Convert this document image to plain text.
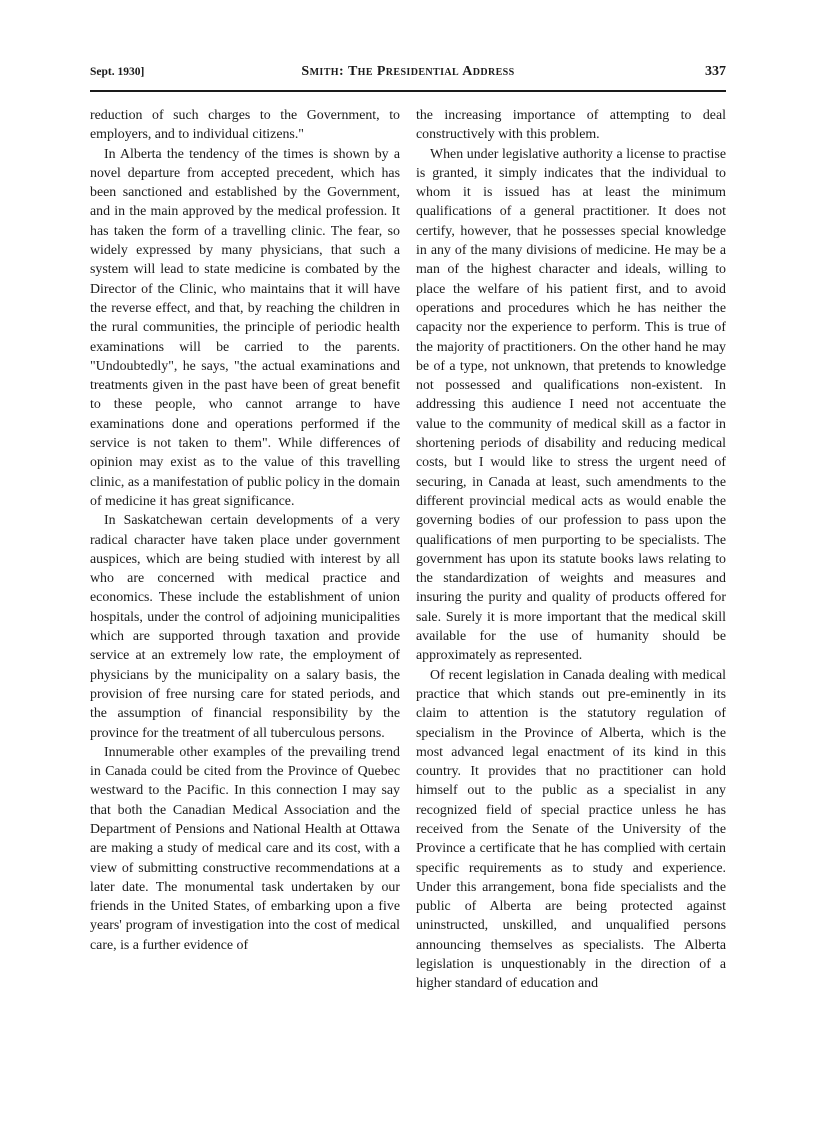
Sept. 1930]	Smith: The Presidential Address	337

reduction of such charges to the Government, to employers, and to individual citizens."

In Alberta the tendency of the times is shown by a novel departure from accepted precedent, which has been sanctioned and established by the Government, and in the main approved by the medical profession. It has taken the form of a travelling clinic. The fear, so widely expressed by many physicians, that such a system will lead to state medicine is combated by the Director of the Clinic, who maintains that it will have the reverse effect, and that, by reaching the children in the rural communities, the principle of periodic health examinations will be carried to the parents. "Undoubtedly", he says, "the actual examinations and treatments given in the past have been of great benefit to these people, who cannot arrange to have examinations done and operations performed if the service is not taken to them". While differences of opinion may exist as to the value of this travelling clinic, as a manifestation of public policy in the domain of medicine it has great significance.

In Saskatchewan certain developments of a very radical character have taken place under government auspices, which are being studied with interest by all who are concerned with medical practice and economics. These include the establishment of union hospitals, under the control of adjoining municipalities which are supported through taxation and provide service at an extremely low rate, the employment of physicians by the municipality on a salary basis, the provision of free nursing care for stated periods, and the assumption of financial responsibility by the province for the treatment of all tuberculous persons.

Innumerable other examples of the prevailing trend in Canada could be cited from the Province of Quebec westward to the Pacific. In this connection I may say that both the Canadian Medical Association and the Department of Pensions and National Health at Ottawa are making a study of medical care and its cost, with a view of submitting constructive recommendations at a later date. The monumental task undertaken by our friends in the United States, of embarking upon a five years' program of investigation into the cost of medical care, is a further evidence of

the increasing importance of attempting to deal constructively with this problem.

When under legislative authority a license to practise is granted, it simply indicates that the individual to whom it is issued has at least the minimum qualifications of a general practitioner. It does not certify, however, that he possesses special knowledge in any of the many divisions of medicine. He may be a man of the highest character and ideals, willing to place the welfare of his patient first, and to avoid operations and procedures which he has neither the capacity nor the experience to perform. This is true of the majority of practitioners. On the other hand he may be of a type, not unknown, that pretends to knowledge not possessed and qualifications non-existent. In addressing this audience I need not accentuate the value to the community of medical skill as a factor in shortening periods of disability and reducing medical costs, but I would like to stress the urgent need of securing, in Canada at least, such amendments to the different provincial medical acts as would enable the governing bodies of our profession to pass upon the qualifications of men purporting to be specialists. The government has upon its statute books laws relating to the standardization of weights and measures and insuring the purity and quality of products offered for sale. Surely it is more important that the medical skill available for the use of humanity should be approximately as represented.

Of recent legislation in Canada dealing with medical practice that which stands out pre-eminently in its claim to attention is the statutory regulation of specialism in the Province of Alberta, which is the most advanced legal enactment of its kind in this country. It provides that no practitioner can hold himself out to the public as a specialist in any recognized field of special practice unless he has received from the Senate of the University of the Province a certificate that he has complied with certain specific requirements as to study and experience. Under this arrangement, bona fide specialists and the public of Alberta are being protected against uninstructed, unskilled, and unqualified persons announcing themselves as specialists. The Alberta legislation is unquestionably in the direction of a higher standard of education and
